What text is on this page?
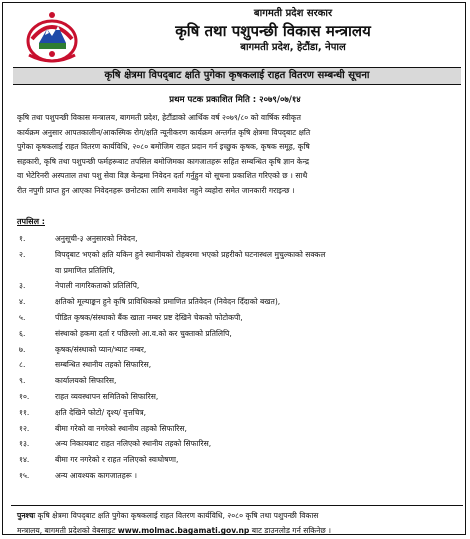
बागमती प्रदेश सरकार
कृषि तथा पशुपन्छी विकास मन्त्रालय
बागमती प्रदेश, हेटौंडा, नेपाल
कृषि क्षेत्रमा विपद्‌बाट क्षति पुगेका कृषकलाई राहत वितरण सम्बन्धी सूचना
प्रथम पटक प्रकाशित मिति : २०७९/०७/१४
कृषि तथा पशुपन्छी विकास मन्त्रालय, बागमती प्रदेश, हेटौंडाको आर्थिक वर्ष २०७९/८० को वार्षिक स्वीकृत
कार्यक्रम अनुसार आपतकालीन/आकस्मिक रोग/क्षति न्यूनीकरण कार्यक्रम अन्तर्गत कृषि क्षेत्रमा विपद्‌बाट क्षति
पुगेका कृषकलाई राहत वितरण कार्यविधि, २०८० बमोजिम राहत प्रदान गर्न इच्छुक कृषक, कृषक समूह, कृषि
सहकारी, कृषि तथा पशुपन्छी फर्महरूबाट तपसिल बमोजिमका कागजातहरू सहित सम्बन्धित कृषि ज्ञान केन्द्र
वा भेटेरिनरी अस्पताल तथा पशु सेवा विज्ञ केन्द्रमा निवेदन दर्ता गर्नुहुन यो सूचना प्रकाशित गरिएको छ । साथै
रीत नपुगी प्राप्त हुन आएका निवेदनहरू छनोटका लागि समावेश नहुने व्यहोरा समेत जानकारी गराइन्छ ।
तपसिल :
१.	अनुसूची-३ अनुसारको निवेदन,
२.	विपद्‌बाट भएको क्षति यकिन हुने स्थानीयको रोहबरमा भएको प्रहरीको घटनास्थल मुचुल्काको सक्कल
वा प्रमाणित प्रतिलिपि,
३.	नेपाली नागरिकताको प्रतिलिपि,
४.	क्षतिको मूल्याङ्कन हुने कृषि प्राविधिकको प्रमाणित प्रतिवेदन (निवेदन दिँदाको बखत),
५.	पीडित कृषक/संस्थाको बैंक खाता नम्बर प्रष्ट देखिने चेकको फोटोकपी,
६.	संस्थाको हकमा दर्ता र पछिल्लो आ.व.को कर चुक्ताको प्रतिलिपि,
७.	कृषक/संस्थाको प्यान/भ्याट नम्बर,
८.	सम्बन्धित स्थानीय तहको सिफारिस,
९.	कार्यालयको सिफारिस,
१०.	राहत व्यवस्थापन समितिको सिफारिस,
११.	क्षति देखिने फोटो/ दृश्य/ वृत्तचित्र,
१२.	बीमा गरेको वा नगरेको स्थानीय तहको सिफारिस,
१३.	अन्य निकायबाट राहत नलिएको स्थानीय तहको सिफारिस,
१४.	बीमा गर नगरेको र राहत नलिएको स्वःघोषणा,
१५.	अन्य आवश्यक कागजातहरू ।
पुनश्चः कृषि क्षेत्रमा विपद्‌बाट क्षति पुगेका कृषकलाई राहत वितरण कार्यविधि, २०८० कृषि तथा पशुपन्छी विकास
मन्त्रालय, बागमती प्रदेशको वेबसाइट www.molmac.bagamati.gov.np बाट डाउनलोड गर्न सकिनेछ ।
